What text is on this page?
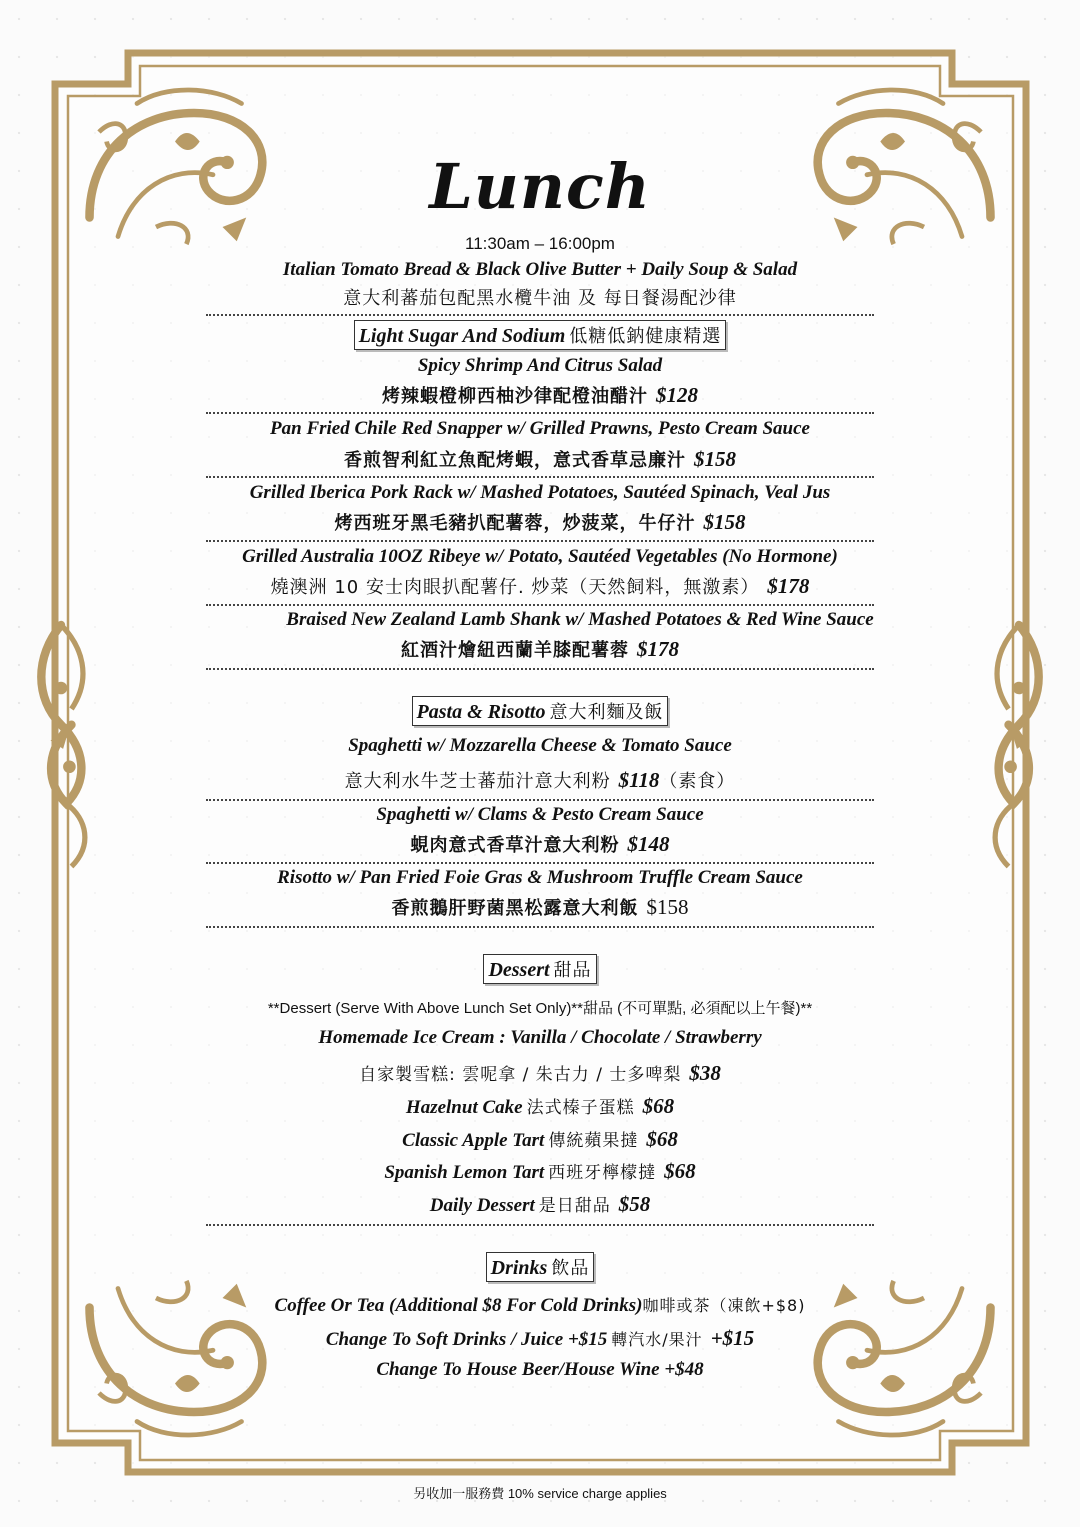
Lunch
11:30am – 16:00pm
Italian Tomato Bread & Black Olive Butter + Daily Soup & Salad
意大利蕃茄包配黑水欖牛油 及 每日餐湯配沙律
Light Sugar And Sodium 低糖低鈉健康精選
Spicy Shrimp And Citrus Salad
烤辣蝦橙柳西柚沙律配橙油醋汁 $128
Pan Fried Chile Red Snapper w/ Grilled Prawns, Pesto Cream Sauce
香煎智利紅立魚配烤蝦，意式香草忌廉汁 $158
Grilled Iberica Pork Rack w/ Mashed Potatoes, Sautéed Spinach, Veal Jus
烤西班牙黑毛豬扒配薯蓉，炒菠菜，牛仔汁 $158
Grilled Australia 10OZ Ribeye w/ Potato, Sautéed Vegetables (No Hormone)
燒澳洲 10 安士肉眼扒配薯仔. 炒菜（天然飼料，無激素） $178
Braised New Zealand Lamb Shank w/ Mashed Potatoes & Red Wine Sauce
紅酒汁燴紐西蘭羊膝配薯蓉 $178
Pasta & Risotto 意大利麵及飯
Spaghetti w/ Mozzarella Cheese & Tomato Sauce
意大利水牛芝士蕃茄汁意大利粉 $118（素食）
Spaghetti w/ Clams & Pesto Cream Sauce
蜆肉意式香草汁意大利粉 $148
Risotto w/ Pan Fried Foie Gras & Mushroom Truffle Cream Sauce
香煎鵝肝野菌黑松露意大利飯 $158
Dessert 甜品
**Dessert (Serve With Above Lunch Set Only)**甜品 (不可單點, 必須配以上午餐)**
Homemade Ice Cream : Vanilla / Chocolate / Strawberry
自家製雪糕: 雲呢拿 / 朱古力 / 士多啤梨 $38
Hazelnut Cake 法式榛子蛋糕 $68
Classic Apple Tart 傳統蘋果撻 $68
Spanish Lemon Tart 西班牙檸檬撻 $68
Daily Dessert 是日甜品 $58
Drinks 飲品
Coffee Or Tea (Additional $8 For Cold Drinks)咖啡或茶（凍飲+$8)
Change To Soft Drinks / Juice +$15 轉汽水/果汁 +$15
Change To House Beer/House Wine +$48
另收加一服務費 10% service charge applies
